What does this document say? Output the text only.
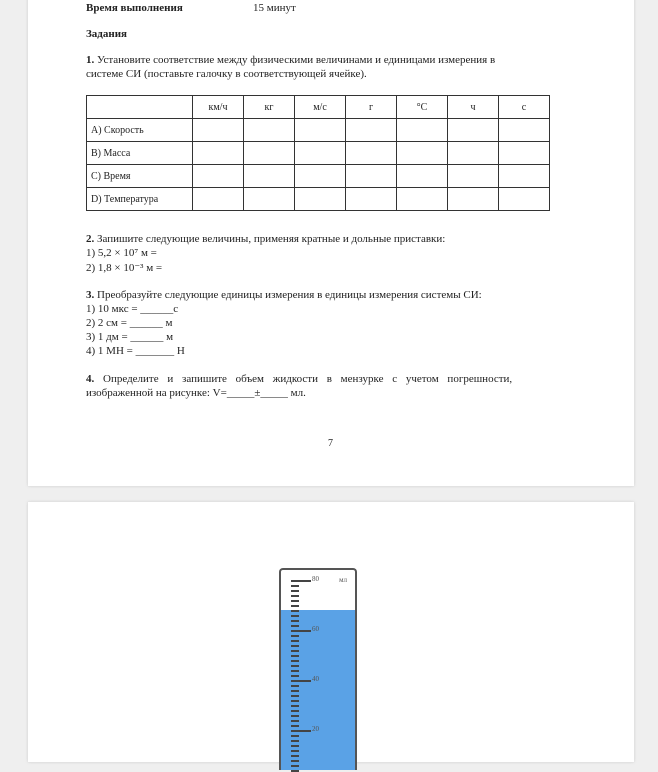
Время выполнения	15 минут
Задания
1. Установите соответствие между физическими величинами и единицами измерения в
системе СИ (поставьте галочку в соответствующей ячейке).
	км/ч	кг	м/с	г	°С	ч	с
A) Скорость							
B) Масса							
C) Время							
D) Температура							
2. Запишите следующие величины, применяя кратные и дольные приставки:
1) 5,2 × 10⁷ м =
2) 1,8 × 10⁻³ м =
3. Преобразуйте следующие единицы измерения в единицы измерения системы СИ:
1) 10 мкс = ______с
2) 2 см = ______ м
3) 1 дм = ______ м
4) 1 МН = _______ Н
4. Определите и запишите объем жидкости в мензурке с учетом погрешности,
изображенной на рисунке: V=_____±_____ мл.
7
мл
80
60
40
20
